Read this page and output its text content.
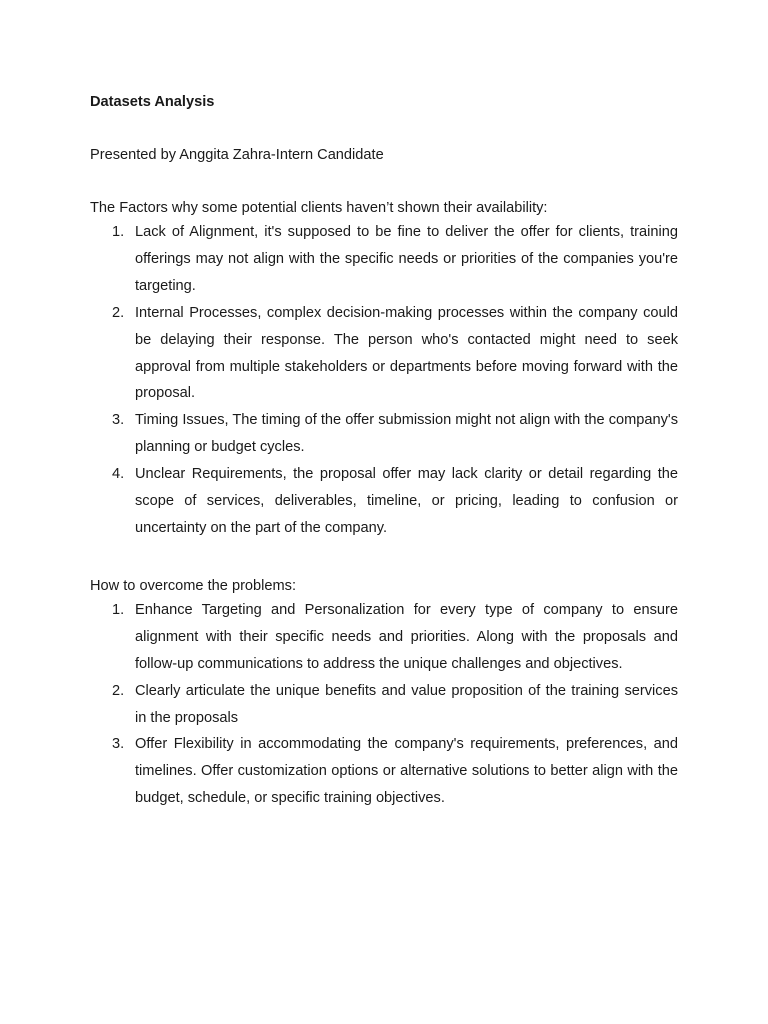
Datasets Analysis

Presented by Anggita Zahra-Intern Candidate

The Factors why some potential clients haven’t shown their availability:

1. Lack of Alignment, it's supposed to be fine to deliver the offer for clients, training offerings may not align with the specific needs or priorities of the companies you're targeting.
2. Internal Processes, complex decision-making processes within the company could be delaying their response. The person who's contacted might need to seek approval from multiple stakeholders or departments before moving forward with the proposal.
3. Timing Issues, The timing of the offer submission might not align with the company's planning or budget cycles.
4. Unclear Requirements, the proposal offer may lack clarity or detail regarding the scope of services, deliverables, timeline, or pricing, leading to confusion or uncertainty on the part of the company.

How to overcome the problems:

1. Enhance Targeting and Personalization for every type of company to ensure alignment with their specific needs and priorities. Along with the proposals and follow-up communications to address the unique challenges and objectives.
2. Clearly articulate the unique benefits and value proposition of the training services in the proposals
3. Offer Flexibility in accommodating the company's requirements, preferences, and timelines. Offer customization options or alternative solutions to better align with the budget, schedule, or specific training objectives.
